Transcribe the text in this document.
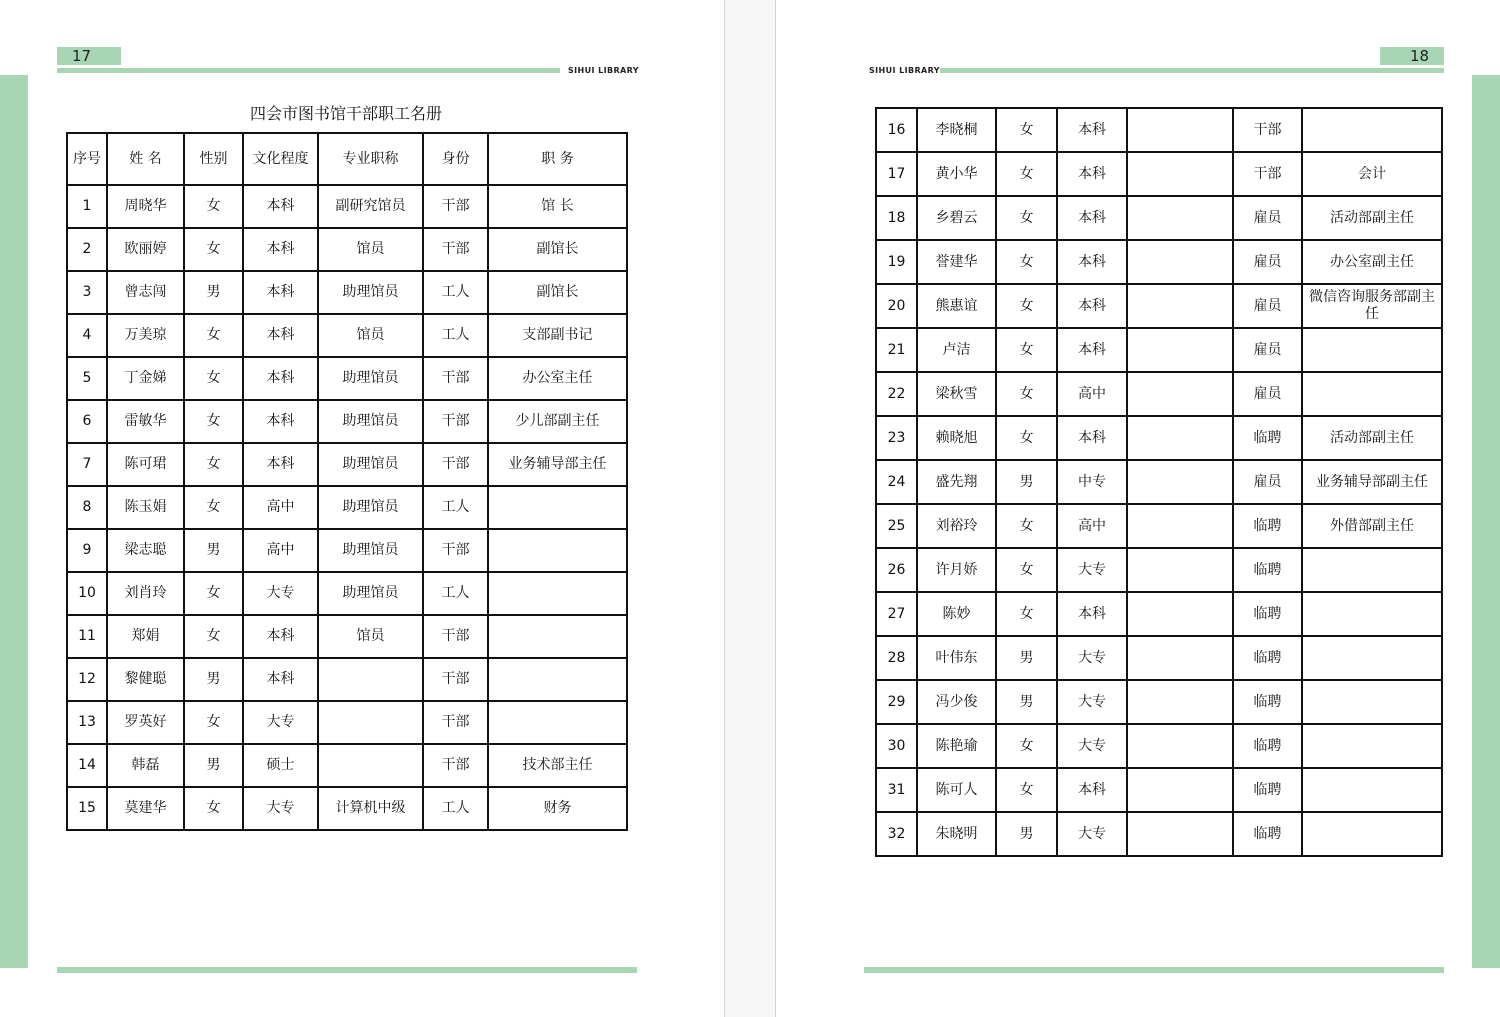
17
SIHUI LIBRARY
四会市图书馆干部职工名册
序号	姓 名	性别	文化程度	专业职称	身份	职 务
1	周晓华	女	本科	副研究馆员	干部	馆 长
2	欧丽婷	女	本科	馆员	干部	副馆长
3	曾志闯	男	本科	助理馆员	工人	副馆长
4	万美琼	女	本科	馆员	工人	支部副书记
5	丁金娣	女	本科	助理馆员	干部	办公室主任
6	雷敏华	女	本科	助理馆员	干部	少儿部副主任
7	陈可珺	女	本科	助理馆员	干部	业务辅导部主任
8	陈玉娟	女	高中	助理馆员	工人	
9	梁志聪	男	高中	助理馆员	干部	
10	刘肖玲	女	大专	助理馆员	工人	
11	郑娟	女	本科	馆员	干部	
12	黎健聪	男	本科		干部	
13	罗英好	女	大专		干部	
14	韩磊	男	硕士		干部	技术部主任
15	莫建华	女	大专	计算机中级	工人	财务
SIHUI LIBRARY
18
16	李晓桐	女	本科		干部	
17	黄小华	女	本科		干部	会计
18	乡碧云	女	本科		雇员	活动部副主任
19	誉建华	女	本科		雇员	办公室副主任
20	熊惠谊	女	本科		雇员	微信咨询服务部副主任
21	卢洁	女	本科		雇员	
22	梁秋雪	女	高中		雇员	
23	赖晓旭	女	本科		临聘	活动部副主任
24	盛先翔	男	中专		雇员	业务辅导部副主任
25	刘裕玲	女	高中		临聘	外借部副主任
26	许月娇	女	大专		临聘	
27	陈妙	女	本科		临聘	
28	叶伟东	男	大专		临聘	
29	冯少俊	男	大专		临聘	
30	陈艳瑜	女	大专		临聘	
31	陈可人	女	本科		临聘	
32	朱晓明	男	大专		临聘	
